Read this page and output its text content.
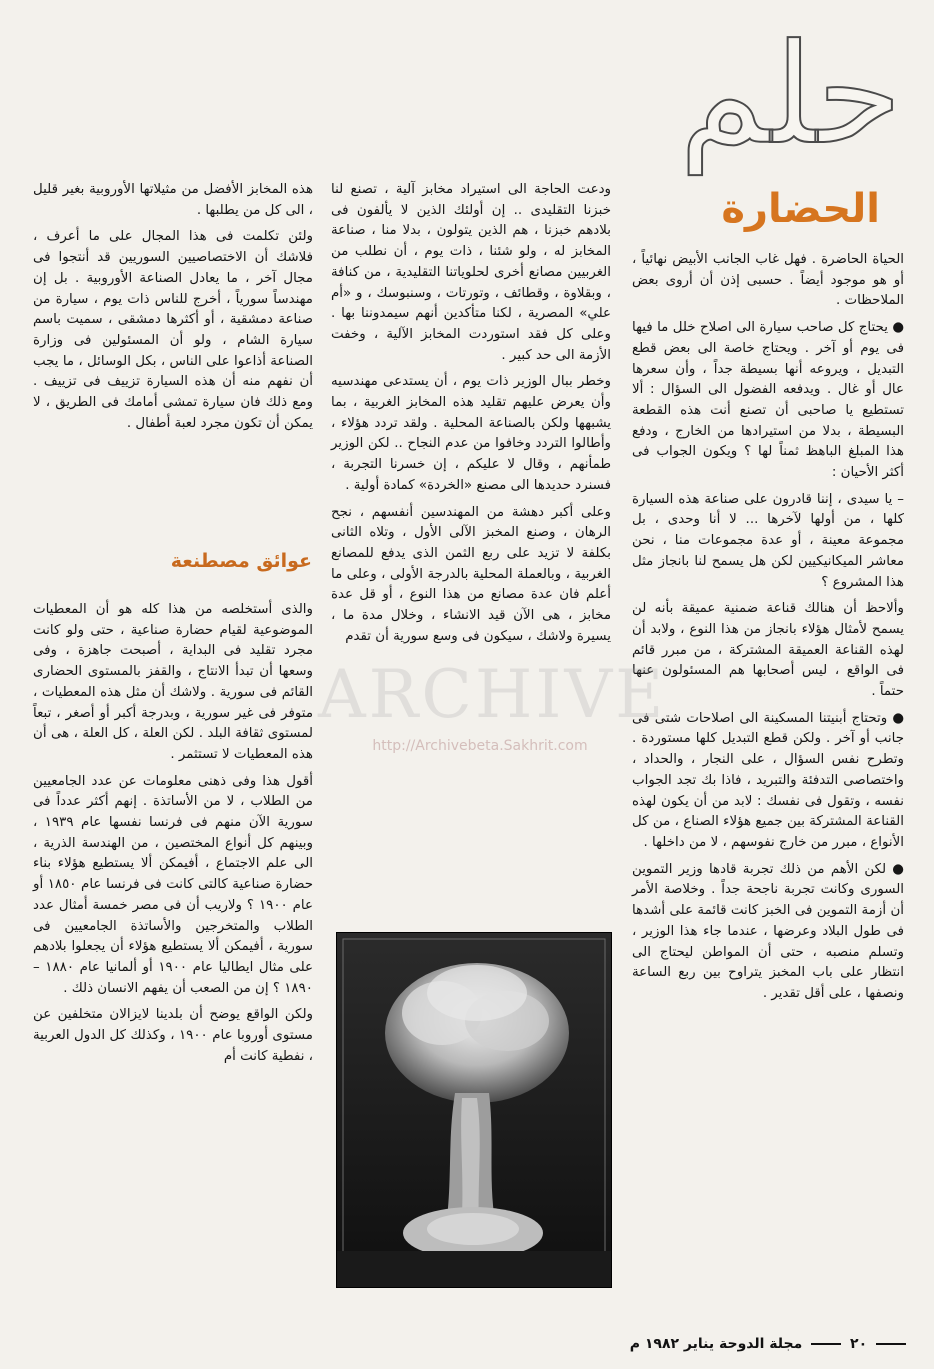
حلم
الحضارة

الحياة الحاضرة . فهل غاب الجانب الأبيض نهائياً ، أو هو موجود أيضاً . حسبى إذن أن أروى بعض الملاحظات .

● يحتاج كل صاحب سيارة الى اصلاح خلل ما فيها فى يوم أو آخر . ويحتاج خاصة الى بعض قطع التبديل ، ويروعه أنها بسيطة جداً ، وأن سعرها عال أو غال . ويدفعه الفضول الى السؤال : ألا تستطيع يا صاحبى أن تصنع أنت هذه القطعة البسيطة ، بدلا من استيرادها من الخارج ، ودفع هذا المبلغ الباهظ ثمناً لها ؟ ويكون الجواب فى أكثر الأحيان :

– يا سيدى ، إننا قادرون على صناعة هذه السيارة كلها ، من أولها لآخرها ... لا أنا وحدى ، بل مجموعة معينة ، أو عدة مجموعات منا ، نحن معاشر الميكانيكيين لكن هل يسمح لنا بانجاز مثل هذا المشروع ؟

وألاحظ أن هنالك قناعة ضمنية عميقة بأنه لن يسمح لأمثال هؤلاء بانجاز من هذا النوع ، ولابد أن لهذه القناعة العميقة المشتركة ، من مبرر قائم فى الواقع ، ليس أصحابها هم المسئولون عنها حتماً .

● وتحتاج أبنيتنا المسكينة الى اصلاحات شتى فى جانب أو آخر . ولكن قطع التبديل كلها مستوردة . وتطرح نفس السؤال ، على النجار ، والحداد ، واختصاصى التدفئة والتبريد ، فاذا بك تجد الجواب نفسه ، وتقول فى نفسك : لابد من أن يكون لهذه القناعة المشتركة بين جميع هؤلاء الصناع ، من كل الأنواع ، مبرر من خارج نفوسهم ، لا من داخلها .

● لكن الأهم من ذلك تجربة قادها وزير التموين السورى وكانت تجربة ناجحة جداً . وخلاصة الأمر أن أزمة التموين فى الخبز كانت قائمة على أشدها فى طول البلاد وعرضها ، عندما جاء هذا الوزير ، وتسلم منصبه ، حتى أن المواطن ليحتاج الى انتظار على باب المخبز يتراوح بين ربع الساعة ونصفها ، على أقل تقدير .

ودعت الحاجة الى استيراد مخابز آلية ، تصنع لنا خبزنا التقليدى .. إن أولئك الذين لا يألفون فى بلادهم خبزنا ، هم الذين يتولون ، بدلا منا ، صناعة المخابز له ، ولو شئنا ، ذات يوم ، أن نطلب من الغربيين مصانع أخرى لحلوياتنا التقليدية ، من كنافة ، وبقلاوة ، وقطائف ، وتورتات ، وسنبوسك ، و «أم علي» المصرية ، لكنا متأكدين أنهم سيمدوننا بها . وعلى كل فقد استوردت المخابز الآلية ، وخفت الأزمة الى حد كبير .

وخطر ببال الوزير ذات يوم ، أن يستدعى مهندسيه وأن يعرض عليهم تقليد هذه المخابز الغربية ، بما يشبهها ولكن بالصناعة المحلية . ولقد تردد هؤلاء ، وأطالوا التردد وخافوا من عدم النجاح .. لكن الوزير طمأنهم ، وقال لا عليكم ، إن خسرنا التجربة ، فسنرد حديدها الى مصنع «الخردة» كمادة أولية .

وعلى أكبر دهشة من المهندسين أنفسهم ، نجح الرهان ، وصنع المخبز الآلى الأول ، وتلاه الثانى بكلفة لا تزيد على ربع الثمن الذى يدفع للمصانع الغربية ، وبالعملة المحلية بالدرجة الأولى ، وعلى ما أعلم فان عدة مصانع من هذا النوع ، أو قل عدة مخابز ، هى الآن قيد الانشاء ، وخلال مدة ما ، يسيرة ولاشك ، سيكون فى وسع سورية أن تقدم

هذه المخابز الأفضل من مثيلاتها الأوروبية بغير قليل ، الى كل من يطلبها .

ولئن تكلمت فى هذا المجال على ما أعرف ، فلاشك أن الاختصاصيين السوريين قد أنتجوا فى مجال آخر ، ما يعادل الصناعة الأوروبية . بل إن مهندساً سورياً ، أخرج للناس ذات يوم ، سيارة من صناعة دمشقية ، أو أكثرها دمشقى ، سميت باسم سيارة الشام ، ولو أن المسئولين فى وزارة الصناعة أذاعوا على الناس ، بكل الوسائل ، ما يجب أن نفهم منه أن هذه السيارة تزييف فى تزييف . ومع ذلك فان سيارة تمشى أمامك فى الطريق ، لا يمكن أن تكون مجرد لعبة أطفال .

عوائق مصطنعة

والذى أستخلصه من هذا كله هو أن المعطيات الموضوعية لقيام حضارة صناعية ، حتى ولو كانت مجرد تقليد فى البداية ، أصبحت جاهزة ، وفى وسعها أن تبدأ الانتاج ، والقفز بالمستوى الحضارى القائم فى سورية . ولاشك أن مثل هذه المعطيات ، متوفر فى غير سورية ، وبدرجة أكبر أو أصغر ، تبعاً لمستوى ثقافة البلد . لكن العلة ، كل العلة ، هى أن هذه المعطيات لا تستثمر .

أقول هذا وفى ذهنى معلومات عن عدد الجامعيين من الطلاب ، لا من الأساتذة . إنهم أكثر عدداً فى سورية الآن منهم فى فرنسا نفسها عام ١٩٣٩ ، وبينهم كل أنواع المختصين ، من الهندسة الذرية ، الى علم الاجتماع ، أفيمكن ألا يستطيع هؤلاء بناء حضارة صناعية كالتى كانت فى فرنسا عام ١٨٥٠ أو عام ١٩٠٠ ؟ ولاريب أن فى مصر خمسة أمثال عدد الطلاب والمتخرجين والأساتذة الجامعيين فى سورية ، أفيمكن ألا يستطيع هؤلاء أن يجعلوا بلادهم على مثال ايطاليا عام ١٩٠٠ أو ألمانيا عام ١٨٨٠ – ١٨٩٠ ؟ إن من الصعب أن يفهم الانسان ذلك .

ولكن الواقع يوضح أن بلدينا لايزالان متخلفين عن مستوى أوروبا عام ١٩٠٠ ، وكذلك كل الدول العربية ، نفطية كانت أم

ARCHIVE
http://Archivebeta.Sakhrit.com
٢٠  مجلة الدوحة يناير ١٩٨٢ م
